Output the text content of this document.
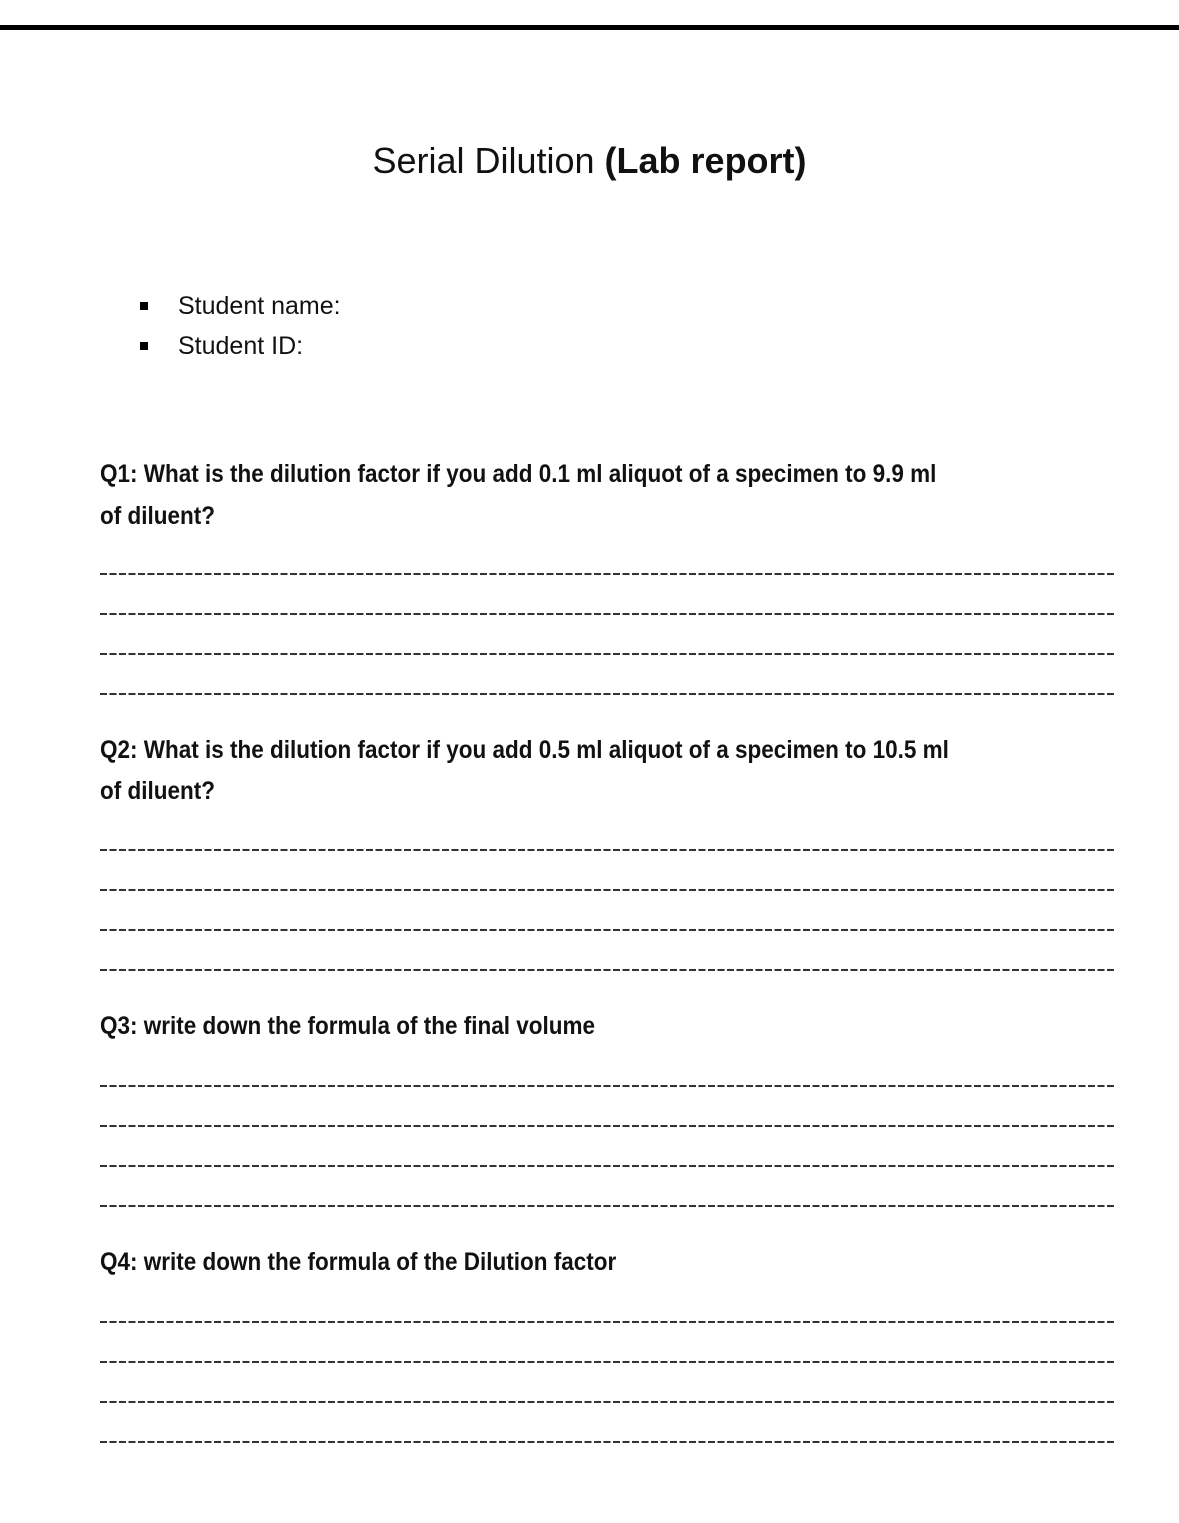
Serial Dilution (Lab report)
Student name:
Student ID:
Q1: What is the dilution factor if you add 0.1 ml aliquot of a specimen to 9.9 ml
of diluent?
Q2: What is the dilution factor if you add 0.5 ml aliquot of a specimen to 10.5 ml
of diluent?
Q3: write down the formula of the final volume
Q4: write down the formula of the Dilution factor
